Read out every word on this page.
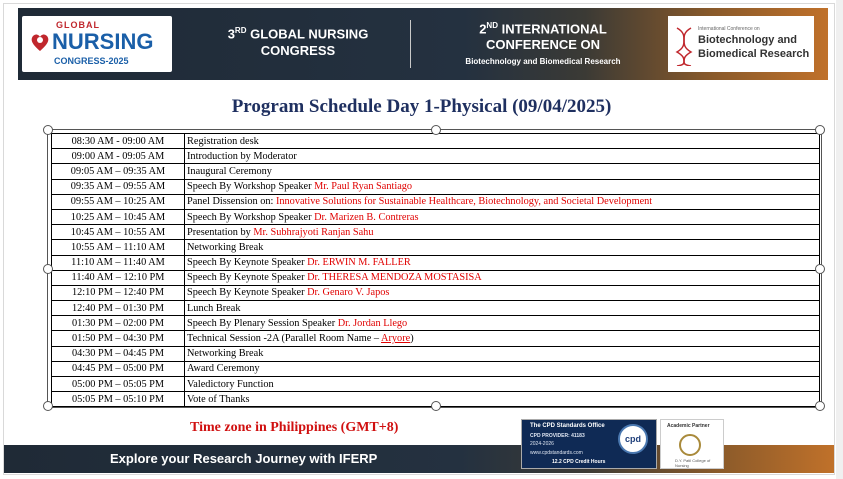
GLOBAL
NURSING
CONGRESS-2025
3RD GLOBAL NURSING
CONGRESS
2ND INTERNATIONAL
CONFERENCE ON
Biotechnology and Biomedical Research
International Conference on
Biotechnology and
Biomedical Research
Program Schedule Day 1-Physical (09/04/2025)
08:30 AM - 09:00 AM	Registration desk
09:00 AM - 09:05 AM	Introduction by Moderator
09:05 AM – 09:35 AM	Inaugural Ceremony
09:35 AM – 09:55 AM	Speech By Workshop Speaker Mr. Paul Ryan Santiago
09:55 AM – 10:25 AM	Panel Dissension on: Innovative Solutions for Sustainable Healthcare, Biotechnology, and Societal Development
10:25 AM – 10:45 AM	Speech By Workshop Speaker Dr. Marizen B. Contreras
10:45 AM – 10:55 AM	Presentation by Mr. Subhrajyoti Ranjan Sahu
10:55 AM – 11:10 AM	Networking Break
11:10 AM – 11:40 AM	Speech By Keynote Speaker Dr. ERWIN M. FALLER
11:40 AM – 12:10 PM	Speech By Keynote Speaker Dr. THERESA MENDOZA MOSTASISA
12:10 PM – 12:40 PM	Speech By Keynote Speaker Dr. Genaro V. Japos
12:40 PM – 01:30 PM	Lunch Break
01:30 PM – 02:00 PM	Speech By Plenary Session Speaker Dr. Jordan Llego
01:50 PM – 04:30 PM	Technical Session -2A (Parallel Room Name – Aryore)
04:30 PM – 04:45 PM	Networking Break
04:45 PM – 05:00 PM	Award Ceremony
05:00 PM – 05:05 PM	Valedictory Function
05:05 PM – 05:10 PM	Vote of Thanks
Time zone in Philippines (GMT+8)
Explore your Research Journey with IFERP
The CPD Standards Office
CPD PROVIDER: 41183
2024-2026
www.cpdstandards.com
12.2 CPD Credit Hours
cpd
Academic Partner
D.Y. Patil College of Nursing
